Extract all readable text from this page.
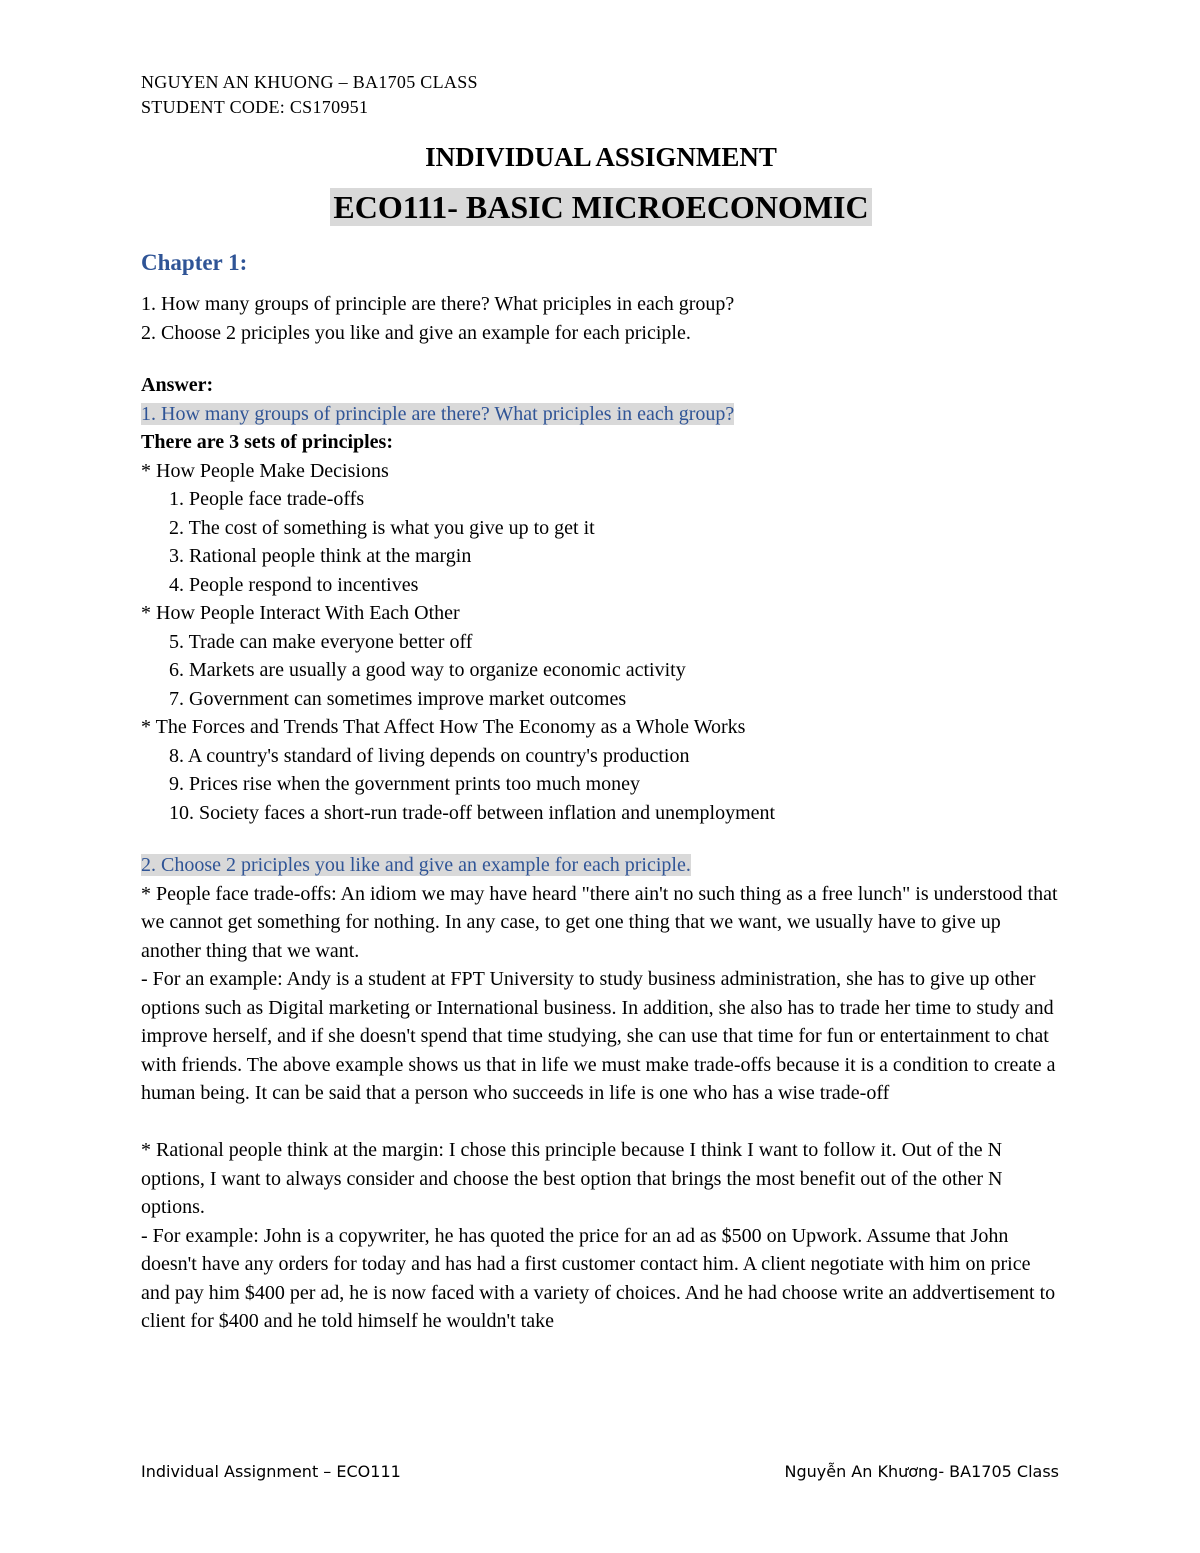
NGUYEN AN KHUONG – BA1705 CLASS
STUDENT CODE: CS170951
INDIVIDUAL ASSIGNMENT
ECO111- BASIC MICROECONOMIC
Chapter 1:

1. How many groups of principle are there? What priciples in each group?

2. Choose 2 priciples you like and give an example for each priciple.

Answer:

1. How many groups of principle are there? What priciples in each group?

There are 3 sets of principles:

* How People Make Decisions

1. People face trade-offs

2. The cost of something is what you give up to get it

3. Rational people think at the margin

4. People respond to incentives

* How People Interact With Each Other

5. Trade can make everyone better off

6. Markets are usually a good way to organize economic activity

7. Government can sometimes improve market outcomes

* The Forces and Trends That Affect How The Economy as a Whole Works

8. A country's standard of living depends on country's production

9. Prices rise when the government prints too much money

10. Society faces a short-run trade-off between inflation and unemployment

2. Choose 2 priciples you like and give an example for each priciple.

* People face trade-offs: An idiom we may have heard "there ain't no such thing as a free lunch" is understood that we cannot get something for nothing. In any case, to get one thing that we want, we usually have to give up another thing that we want.

- For an example: Andy is a student at FPT University to study business administration, she has to give up other options such as Digital marketing or International business. In addition, she also has to trade her time to study and improve herself, and if she doesn't spend that time studying, she can use that time for fun or entertainment to chat with friends. The above example shows us that in life we must make trade-offs because it is a condition to create a human being. It can be said that a person who succeeds in life is one who has a wise trade-off

* Rational people think at the margin: I chose this principle because I think I want to follow it. Out of the N options, I want to always consider and choose the best option that brings the most benefit out of the other N options.

- For example: John is a copywriter, he has quoted the price for an ad as $500 on Upwork. Assume that John doesn't have any orders for today and has had a first customer contact him. A client negotiate with him on price and pay him $400 per ad, he is now faced with a variety of choices. And he had choose write an addvertisement to client for $400 and he told himself he wouldn't take

Individual Assignment – ECO111	Nguyễn An Khương- BA1705 Class
